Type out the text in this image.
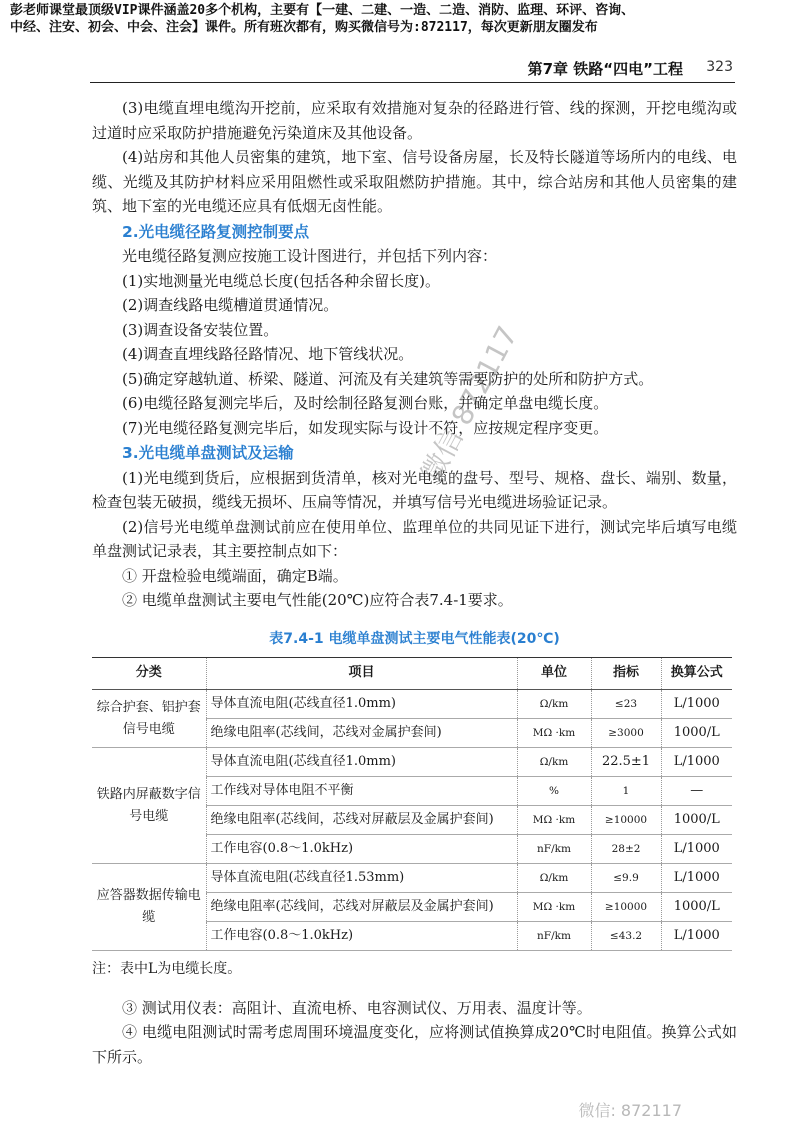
彭老师课堂最顶级VIP课件涵盖20多个机构，主要有【一建、二建、一造、二造、消防、监理、环评、咨询、
中经、注安、初会、中会、注会】课件。所有班次都有，购买微信号为:872117，每次更新朋友圈发布
第7章 铁路“四电”工程 323

(3)电缆直埋电缆沟开挖前，应采取有效措施对复杂的径路进行管、线的探测，开挖电缆沟或过道时应采取防护措施避免污染道床及其他设备。

(4)站房和其他人员密集的建筑，地下室、信号设备房屋，长及特长隧道等场所内的电线、电缆、光缆及其防护材料应采用阻燃性或采取阻燃防护措施。其中，综合站房和其他人员密集的建筑、地下室的光电缆还应具有低烟无卤性能。

2.光电缆径路复测控制要点

光电缆径路复测应按施工设计图进行，并包括下列内容：

(1)实地测量光电缆总长度(包括各种余留长度)。

(2)调查线路电缆槽道贯通情况。

(3)调查设备安装位置。

(4)调查直埋线路径路情况、地下管线状况。

(5)确定穿越轨道、桥梁、隧道、河流及有关建筑等需要防护的处所和防护方式。

(6)电缆径路复测完毕后，及时绘制径路复测台账，并确定单盘电缆长度。

(7)光电缆径路复测完毕后，如发现实际与设计不符，应按规定程序变更。

3.光电缆单盘测试及运输

(1)光电缆到货后，应根据到货清单，核对光电缆的盘号、型号、规格、盘长、端别、数量，检查包装无破损，缆线无损坏、压扁等情况，并填写信号光电缆进场验证记录。

(2)信号光电缆单盘测试前应在使用单位、监理单位的共同见证下进行，测试完毕后填写电缆单盘测试记录表，其主要控制点如下：

① 开盘检验电缆端面，确定B端。

② 电缆单盘测试主要电气性能(20℃)应符合表7.4-1要求。

表7.4-1 电缆单盘测试主要电气性能表(20℃)
分类	项目	单位	指标	换算公式
综合护套、铝护套信号电缆	导体直流电阻(芯线直径1.0mm)	Ω/km	≤23	L/1000
	绝缘电阻率(芯线间，芯线对金属护套间)	MΩ ·km	≥3000	1000/L
铁路内屏蔽数字信号电缆	导体直流电阻(芯线直径1.0mm)	Ω/km	22.5±1	L/1000
	工作线对导体电阻不平衡	%	1	—
	绝缘电阻率(芯线间，芯线对屏蔽层及金属护套间)	MΩ ·km	≥10000	1000/L
	工作电容(0.8～1.0kHz)	nF/km	28±2	L/1000
应答器数据传输电缆	导体直流电阻(芯线直径1.53mm)	Ω/km	≤9.9	L/1000
	绝缘电阻率(芯线间，芯线对屏蔽层及金属护套间)	MΩ ·km	≥10000	1000/L
	工作电容(0.8～1.0kHz)	nF/km	≤43.2	L/1000

注：表中L为电缆长度。

③ 测试用仪表：高阻计、直流电桥、电容测试仪、万用表、温度计等。

④ 电缆电阻测试时需考虑周围环境温度变化，应将测试值换算成20℃时电阻值。换算公式如下所示。

微信 872117
微信: 872117
